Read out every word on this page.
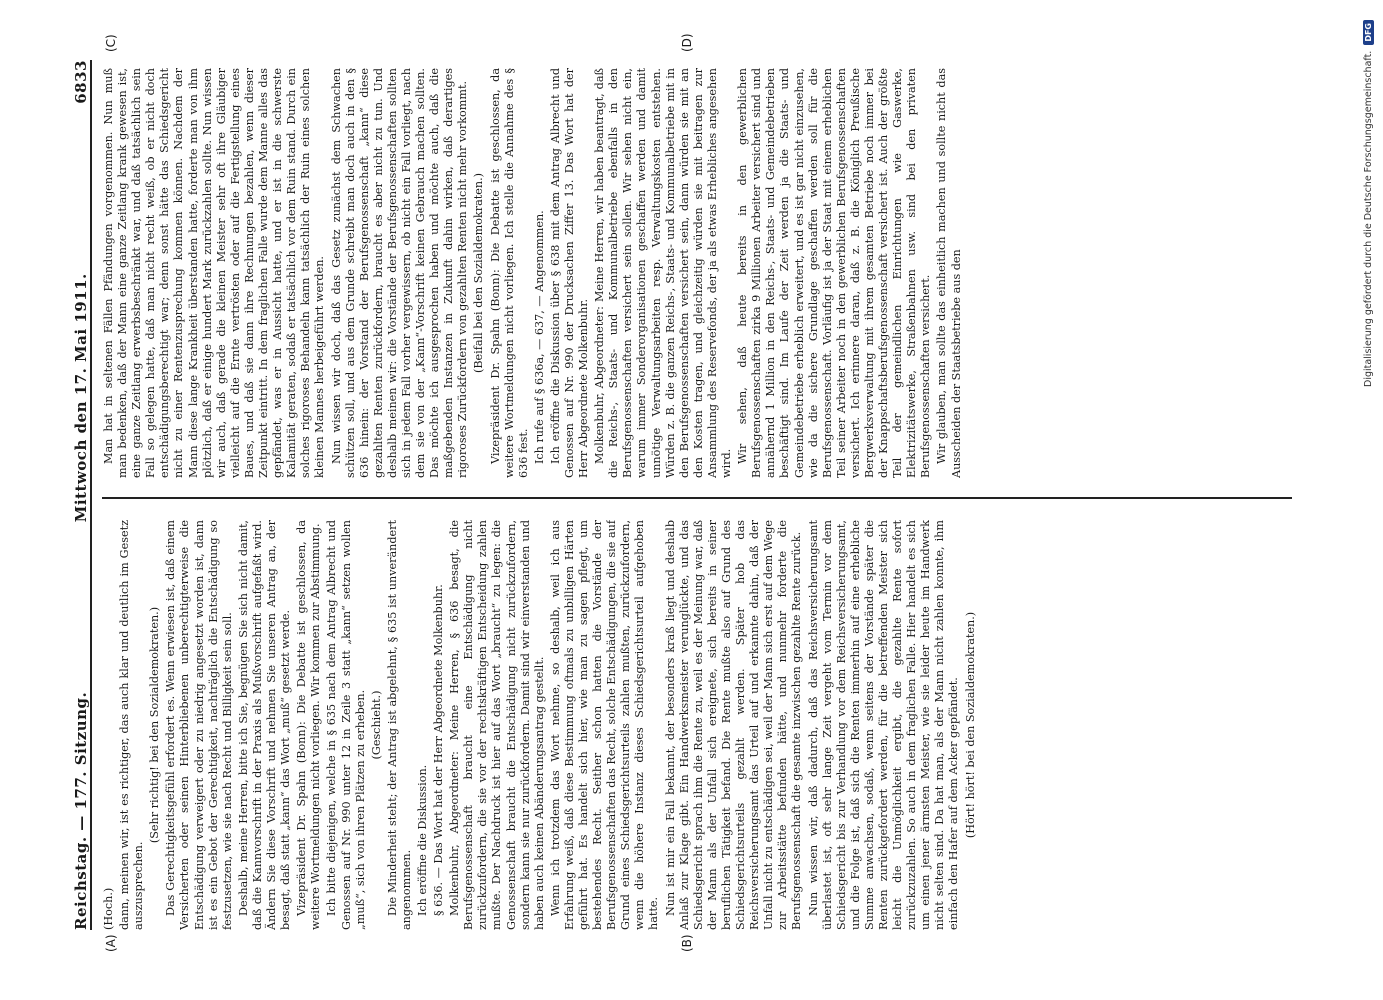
Reichstag. — 177. Sitzung.
Mittwoch den 17. Mai 1911.
6833
(A)	(B)
(C)	(D)

(Hoch.) dann, meinen wir, ist es richtiger, das auch klar und deutlich im Gesetz auszusprechen.

(Sehr richtig! bei den Sozialdemokraten.) Das Gerechtigkeitsgefühl erfordert es. Wenn erwiesen ist, daß einem Versicherten oder seinen Hinterbliebenen unberechtigterweise die Entschädigung verweigert oder zu niedrig angesetzt worden ist, dann ist es ein Gebot der Gerechtigkeit, nachträglich die Entschädigung so festzusetzen, wie sie nach Recht und Billigkeit sein soll. Deshalb, meine Herren, bitte ich Sie, begnügen Sie sich nicht damit, daß die Kannvorschrift in der Praxis als Mußvorschrift aufgefaßt wird. Ändern Sie diese Vorschrift und nehmen Sie unseren Antrag an, der besagt, daß statt „kann“ das Wort „muß“ gesetzt werde. Vizepräsident Dr. Spahn (Bonn): Die Debatte ist geschlossen, da weitere Wortmeldungen nicht vorliegen. Wir kommen zur Abstimmung. Ich bitte diejenigen, welche in § 635 nach dem Antrag Albrecht und Genossen auf Nr. 990 unter 12 in Zeile 3 statt „kann“ setzen wollen „muß“, sich von ihren Plätzen zu erheben. (Geschieht.) Die Minderheit steht; der Antrag ist abgelehnt, § 635 ist unverändert angenommen. Ich eröffne die Diskussion. § 636. — Das Wort hat der Herr Abgeordnete Molkenbuhr. Molkenbuhr, Abgeordneter: Meine Herren, § 636 besagt, die Berufsgenossenschaft braucht eine Entschädigung nicht zurückzufordern, die sie vor der rechtskräftigen Entscheidung zahlen mußte. Der Nachdruck ist hier auf das Wort „braucht“ zu legen: die Genossenschaft braucht die Entschädigung nicht zurückzufordern, sondern kann sie nur zurückfordern. Damit sind wir einverstanden und haben auch keinen Abänderungsantrag gestellt. Wenn ich trotzdem das Wort nehme, so deshalb, weil ich aus Erfahrung weiß, daß diese Bestimmung oftmals zu unbilligen Härten geführt hat. Es handelt sich hier, wie man zu sagen pflegt, um bestehendes Recht. Seither schon hatten die Vorstände der Berufsgenossenschaften das Recht, solche Entschädigungen, die sie auf Grund eines Schiedsgerichtsurteils zahlen mußten, zurückzufordern, wenn die höhere Instanz dieses Schiedsgerichtsurteil aufgehoben hatte. Nun ist mir ein Fall bekannt, der besonders kraß liegt und deshalb Anlaß zur Klage gibt. Ein Handwerksmeister verunglückte, und das Schiedsgericht sprach ihm die Rente zu, weil es der Meinung war, daß der Mann als der Unfall sich ereignete, sich bereits in seiner beruflichen Tätigkeit befand. Die Rente mußte also auf Grund des Schiedsgerichtsurteils gezahlt werden. Später hob das Reichsversicherungsamt das Urteil auf und erkannte dahin, daß der Unfall nicht zu entschädigen sei, weil der Mann sich erst auf dem Wege zur Arbeitsstätte befunden hätte, und nunmehr forderte die Berufsgenossenschaft die gesamte inzwischen gezahlte Rente zurück. Nun wissen wir, daß dadurch, daß das Reichsversicherungsamt überlastet ist, oft sehr lange Zeit vergeht vom Termin vor dem Schiedsgericht bis zur Verhandlung vor dem Reichsversicherungsamt, und die Folge ist, daß sich die Renten immerhin auf eine erhebliche Summe anwachsen, sodaß, wenn seitens der Vorstände später die Renten zurückgefordert werden, für die betreffenden Meister sich leicht die Unmöglichkeit ergibt, die gezahlte Rente sofort zurückzuzahlen. So auch in dem fraglichen Falle. Hier handelt es sich um einen jener ärmsten Meister, wie sie leider heute im Handwerk nicht selten sind. Da hat man, als der Mann nicht zahlen konnte, ihm einfach den Hafer auf dem Acker gepfändet. (Hört! hört! bei den Sozialdemokraten.)

Man hat in seltenen Fällen Pfändungen vorgenommen. Nun muß man bedenken, daß der Mann eine ganze Zeitlang krank gewesen ist, eine ganze Zeitlang erwerbsbeschränkt war, und daß tatsächlich sein Fall so gelegen hatte, daß man nicht recht weiß, ob er nicht doch entschädigungsberechtigt war; denn sonst hätte das Schiedsgericht nicht zu einer Rentenzusprechung kommen können. Nachdem der Mann diese lange Krankheit überstanden hatte, forderte man von ihm plötzlich, daß er einige hundert Mark zurückzahlen sollte. Nun wissen wir auch, daß gerade die kleinen Meister sehr oft ihre Gläubiger vielleicht auf die Ernte vertrösten oder auf die Fertigstellung eines Baues, und daß sie dann ihre Rechnungen bezahlen, wenn dieser Zeitpunkt eintritt. In dem fraglichen Falle wurde dem Manne alles das gepfändet, was er in Aussicht hatte, und er ist in die schwerste Kalamität geraten, sodaß er tatsächlich vor dem Ruin stand. Durch ein solches rigoroses Behandeln kann tatsächlich der Ruin eines solchen kleinen Mannes herbeigeführt werden. Nun wissen wir doch, daß das Gesetz zunächst dem Schwachen schützen soll, und aus dem Grunde schreibt man doch auch in den § 636 hinein: der Vorstand der Berufsgenossenschaft „kann“ diese gezahlten Renten zurückfordern, braucht es aber nicht zu tun. Und deshalb meinen wir: die Vorstände der Berufsgenossenschaften sollten sich in jedem Fall vorher vergewissern, ob nicht ein Fall vorliegt, nach dem sie von der „Kann“-Vorschrift keinen Gebrauch machen sollten. Das möchte ich ausgesprochen haben und möchte auch, daß die maßgebenden Instanzen in Zukunft dahin wirken, daß derartiges rigoroses Zurückfordern von gezahlten Renten nicht mehr vorkommt. (Beifall bei den Sozialdemokraten.) Vizepräsident Dr. Spahn (Bonn): Die Debatte ist geschlossen, da weitere Wortmeldungen nicht vorliegen. Ich stelle die Annahme des § 636 fest. Ich rufe auf § 636a, — 637, — Angenommen. Ich eröffne die Diskussion über § 638 mit dem Antrag Albrecht und Genossen auf Nr. 990 der Drucksachen Ziffer 13. Das Wort hat der Herr Abgeordnete Molkenbuhr. Molkenbuhr, Abgeordneter: Meine Herren, wir haben beantragt, daß die Reichs-, Staats- und Kommunalbetriebe ebenfalls in den Berufsgenossenschaften versichert sein sollen. Wir sehen nicht ein, warum immer Sonderorganisationen geschaffen werden und damit unnötige Verwaltungsarbeiten resp. Verwaltungskosten entstehen. Würden z. B. die ganzen Reichs-, Staats- und Kommunalbetriebe mit in den Berufsgenossenschaften versichert sein, dann würden sie mit an den Kosten tragen, und gleichzeitig würden sie mit beitragen zur Ansammlung des Reservefonds, der ja als etwas Erhebliches angesehen wird. Wir sehen, daß heute bereits in den gewerblichen Berufsgenossenschaften zirka 9 Millionen Arbeiter versichert sind und annähernd 1 Million in den Reichs-, Staats- und Gemeindebetrieben beschäftigt sind. Im Laufe der Zeit werden ja die Staats- und Gemeindebetriebe erheblich erweitert, und es ist gar nicht einzusehen, wie da die sichere Grundlage geschaffen werden soll für die Berufsgenossenschaft. Vorläufig ist ja der Staat mit einem erheblichen Teil seiner Arbeiter noch in den gewerblichen Berufsgenossenschaften versichert. Ich erinnere daran, daß z. B. die Königlich Preußische Bergwerksverwaltung mit ihrem gesamten Betriebe noch immer bei der Knappschaftsberufsgenossenschaft versichert ist. Auch der größte Teil der gemeindlichen Einrichtungen wie Gaswerke, Elektrizitätswerke, Straßenbahnen usw. sind bei den privaten Berufsgenossenschaften versichert. Wir glauben, man sollte das einheitlich machen und sollte nicht das Ausscheiden der Staatsbetriebe aus den	Digitalisierung gefördert durch die Deutsche Forschungsgemeinschaft.
DFG
